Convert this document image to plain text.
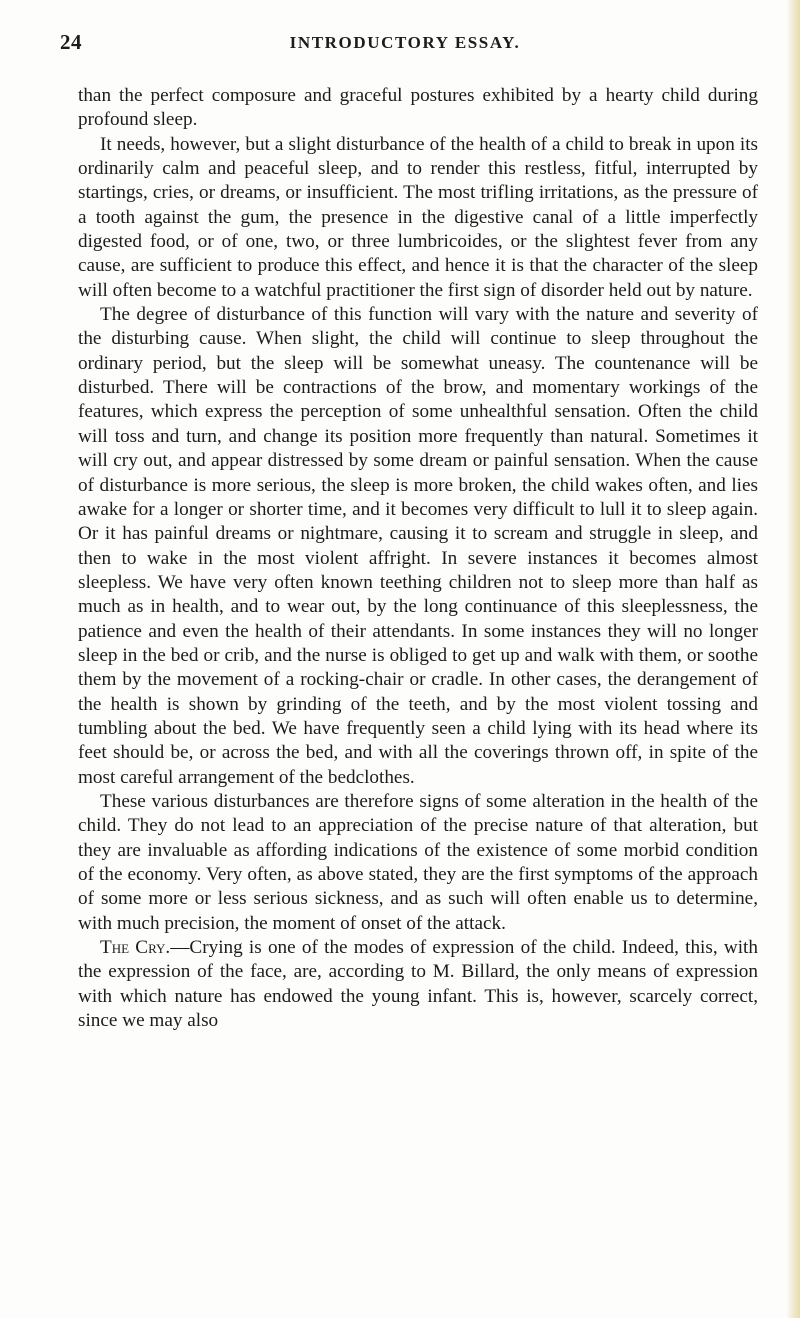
24	INTRODUCTORY ESSAY.

than the perfect composure and graceful postures exhibited by a hearty child during profound sleep.

It needs, however, but a slight disturbance of the health of a child to break in upon its ordinarily calm and peaceful sleep, and to render this restless, fitful, interrupted by startings, cries, or dreams, or insufficient. The most trifling irritations, as the pressure of a tooth against the gum, the presence in the digestive canal of a little imperfectly digested food, or of one, two, or three lumbricoides, or the slightest fever from any cause, are sufficient to produce this effect, and hence it is that the character of the sleep will often become to a watchful practitioner the first sign of disorder held out by nature.

The degree of disturbance of this function will vary with the nature and severity of the disturbing cause. When slight, the child will continue to sleep throughout the ordinary period, but the sleep will be somewhat uneasy. The countenance will be disturbed. There will be contractions of the brow, and momentary workings of the features, which express the perception of some unhealthful sensation. Often the child will toss and turn, and change its position more frequently than natural. Sometimes it will cry out, and appear distressed by some dream or painful sensation. When the cause of disturbance is more serious, the sleep is more broken, the child wakes often, and lies awake for a longer or shorter time, and it becomes very difficult to lull it to sleep again. Or it has painful dreams or nightmare, causing it to scream and struggle in sleep, and then to wake in the most violent affright. In severe instances it becomes almost sleepless. We have very often known teething children not to sleep more than half as much as in health, and to wear out, by the long continuance of this sleeplessness, the patience and even the health of their attendants. In some instances they will no longer sleep in the bed or crib, and the nurse is obliged to get up and walk with them, or soothe them by the movement of a rocking-chair or cradle. In other cases, the derangement of the health is shown by grinding of the teeth, and by the most violent tossing and tumbling about the bed. We have frequently seen a child lying with its head where its feet should be, or across the bed, and with all the coverings thrown off, in spite of the most careful arrangement of the bedclothes.

These various disturbances are therefore signs of some alteration in the health of the child. They do not lead to an appreciation of the precise nature of that alteration, but they are invaluable as affording indications of the existence of some morbid condition of the economy. Very often, as above stated, they are the first symptoms of the approach of some more or less serious sickness, and as such will often enable us to determine, with much precision, the moment of onset of the attack.

The Cry.—Crying is one of the modes of expression of the child. Indeed, this, with the expression of the face, are, according to M. Billard, the only means of expression with which nature has endowed the young infant. This is, however, scarcely correct, since we may also
